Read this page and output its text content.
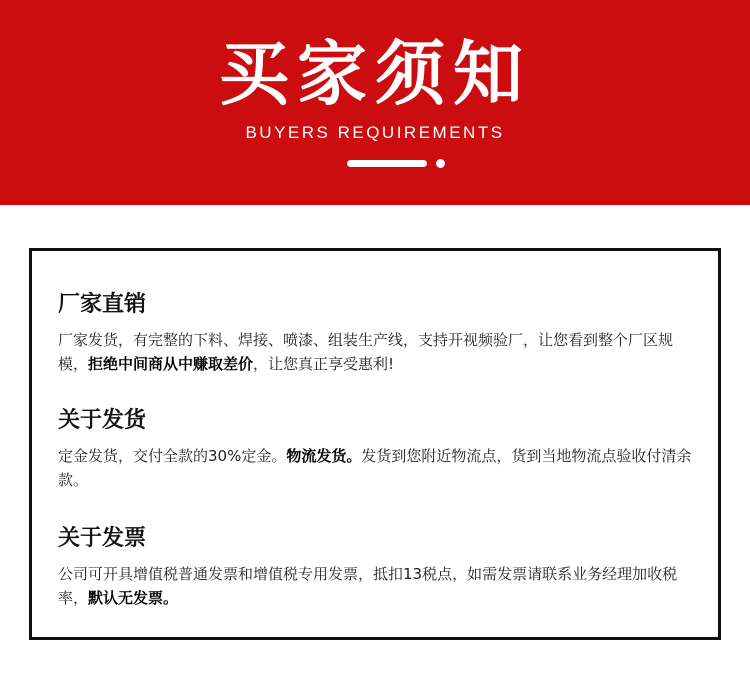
买家须知
BUYERS REQUIREMENTS
厂家直销

厂家发货，有完整的下料、焊接、喷漆、组装生产线，支持开视频验厂，让您看到整个厂区规模，拒绝中间商从中赚取差价，让您真正享受惠利!

关于发货

定金发货，交付全款的30%定金。物流发货。发货到您附近物流点，货到当地物流点验收付清余款。

关于发票

公司可开具增值税普通发票和增值税专用发票，抵扣13税点，如需发票请联系业务经理加收税率，默认无发票。
